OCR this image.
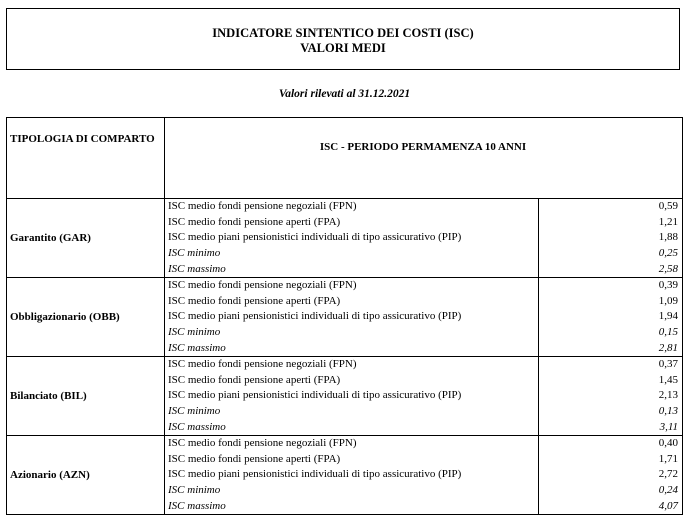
INDICATORE SINTENTICO DEI COSTI (ISC)
VALORI MEDI
Valori rilevati al 31.12.2021
TIPOLOGIA DI COMPARTO	ISC - PERIODO PERMAMENZA 10 ANNI	
Garantito (GAR)	ISC medio fondi pensione negoziali (FPN)	0,59
	ISC medio fondi pensione aperti (FPA)	1,21
	ISC medio piani pensionistici individuali di tipo assicurativo (PIP)	1,88
	ISC minimo	0,25
	ISC massimo	2,58
Obbligazionario (OBB)	ISC medio fondi pensione negoziali (FPN)	0,39
	ISC medio fondi pensione aperti (FPA)	1,09
	ISC medio piani pensionistici individuali di tipo assicurativo (PIP)	1,94
	ISC minimo	0,15
	ISC massimo	2,81
Bilanciato (BIL)	ISC medio fondi pensione negoziali (FPN)	0,37
	ISC medio fondi pensione aperti (FPA)	1,45
	ISC medio piani pensionistici individuali di tipo assicurativo (PIP)	2,13
	ISC minimo	0,13
	ISC massimo	3,11
Azionario (AZN)	ISC medio fondi pensione negoziali (FPN)	0,40
	ISC medio fondi pensione aperti (FPA)	1,71
	ISC medio piani pensionistici individuali di tipo assicurativo (PIP)	2,72
	ISC minimo	0,24
	ISC massimo	4,07
